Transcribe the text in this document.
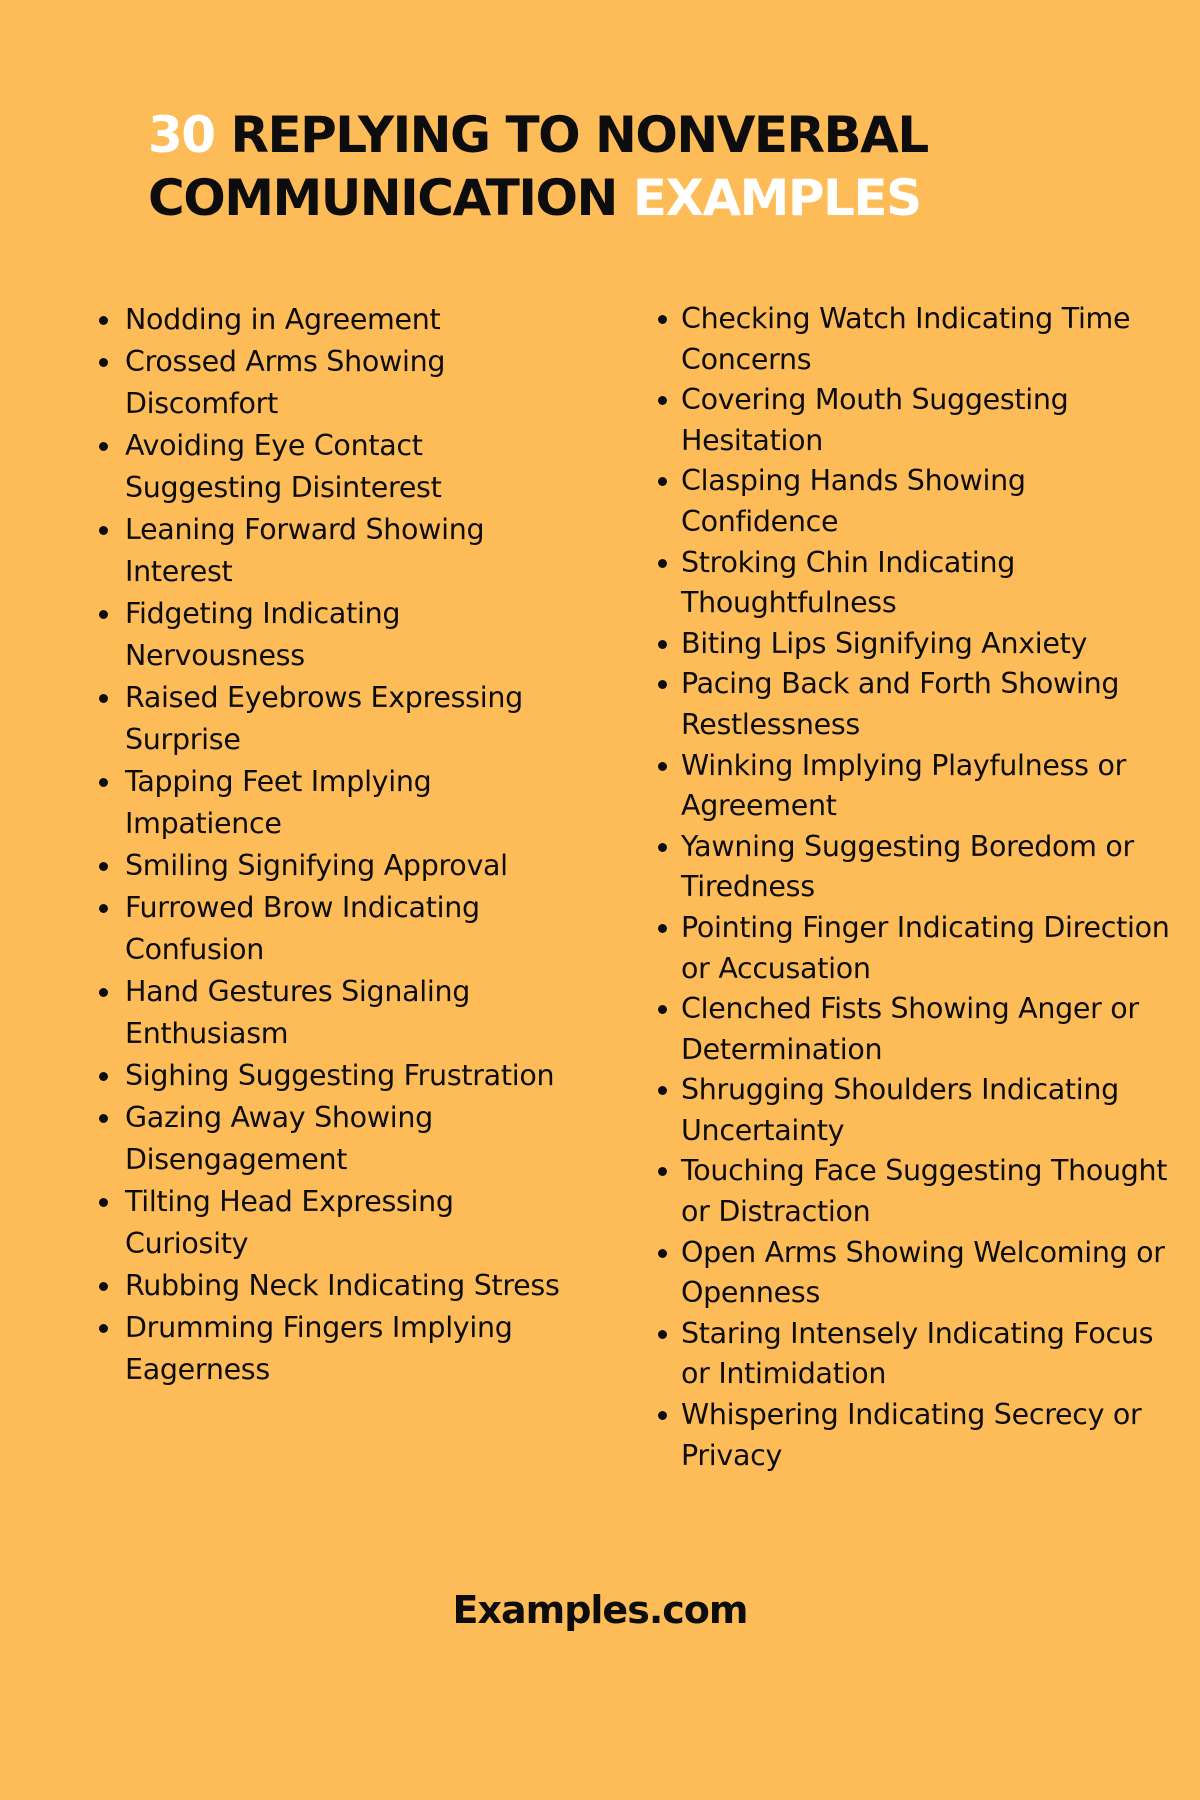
30 REPLYING TO NONVERBAL
COMMUNICATION EXAMPLES
Nodding in Agreement
Crossed Arms Showing Discomfort
Avoiding Eye Contact Suggesting Disinterest
Leaning Forward Showing Interest
Fidgeting Indicating Nervousness
Raised Eyebrows Expressing Surprise
Tapping Feet Implying Impatience
Smiling Signifying Approval
Furrowed Brow Indicating Confusion
Hand Gestures Signaling Enthusiasm
Sighing Suggesting Frustration
Gazing Away Showing Disengagement
Tilting Head Expressing Curiosity
Rubbing Neck Indicating Stress
Drumming Fingers Implying Eagerness
Checking Watch Indicating Time Concerns
Covering Mouth Suggesting Hesitation
Clasping Hands Showing Confidence
Stroking Chin Indicating Thoughtfulness
Biting Lips Signifying Anxiety
Pacing Back and Forth Showing Restlessness
Winking Implying Playfulness or Agreement
Yawning Suggesting Boredom or Tiredness
Pointing Finger Indicating Direction or Accusation
Clenched Fists Showing Anger or Determination
Shrugging Shoulders Indicating Uncertainty
Touching Face Suggesting Thought or Distraction
Open Arms Showing Welcoming or Openness
Staring Intensely Indicating Focus or Intimidation
Whispering Indicating Secrecy or Privacy
Examples.com
